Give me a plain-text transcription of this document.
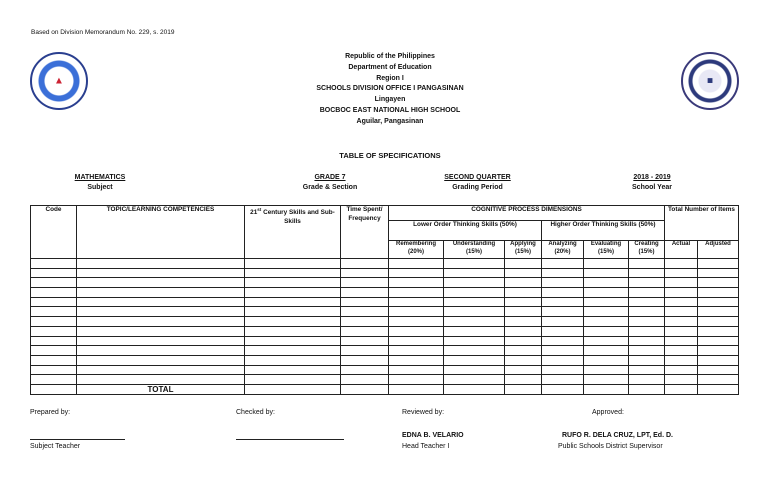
Based on Division Memorandum No. 229, s. 2019
▲	■
Republic of the Philippines
Department of Education
Region I
SCHOOLS DIVISION OFFICE I PANGASINAN
Lingayen
BOCBOC EAST NATIONAL HIGH SCHOOL
Aguilar, Pangasinan
TABLE OF SPECIFICATIONS
MATHEMATICS
Subject
GRADE 7
Grade & Section
SECOND QUARTER
Grading Period
2018 - 2019
School Year
Code	TOPIC/LEARNING COMPETENCIES	21st Century Skills and Sub-Skills	Time Spent/ Frequency	COGNITIVE PROCESS DIMENSIONS						Total Number of Items	
				Lower Order Thinking Skills (50%)			Higher Order Thinking Skills (50%)				
				Remembering (20%)	Understanding (15%)	Applying (15%)	Analyzing (20%)	Evaluating (15%)	Creating (15%)	Actual	Adjusted

	TOTAL										
Prepared by:	Checked by:	Reviewed by:	Approved:
Subject Teacher
EDNA B. VELARIO
Head Teacher I
RUFO R. DELA CRUZ, LPT, Ed. D.
Public Schools District Supervisor
